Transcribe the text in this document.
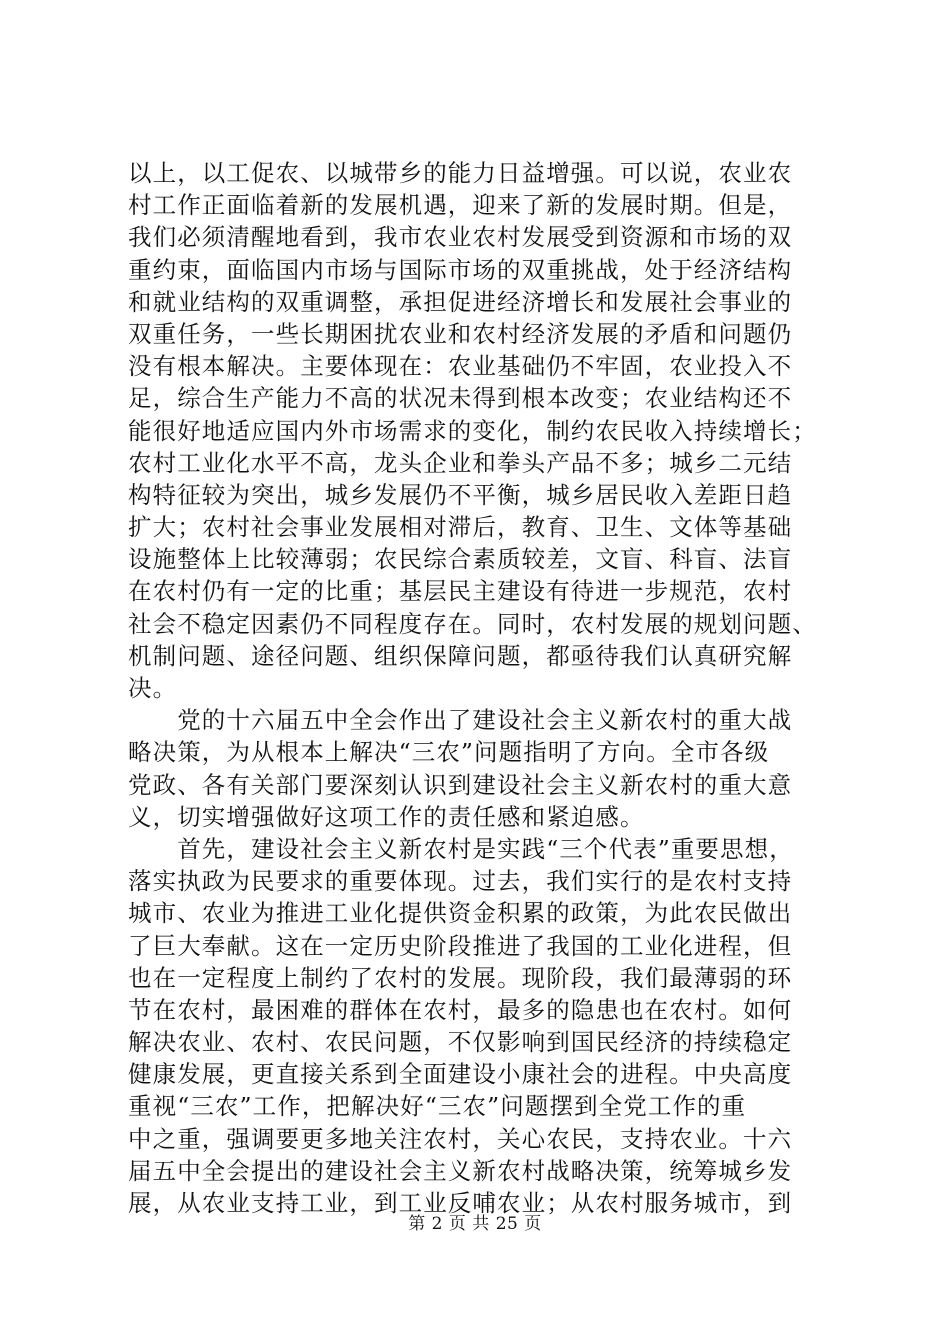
以上，以工促农、以城带乡的能力日益增强。可以说，农业农
村工作正面临着新的发展机遇，迎来了新的发展时期。但是，
我们必须清醒地看到，我市农业农村发展受到资源和市场的双
重约束，面临国内市场与国际市场的双重挑战，处于经济结构
和就业结构的双重调整，承担促进经济增长和发展社会事业的
双重任务，一些长期困扰农业和农村经济发展的矛盾和问题仍
没有根本解决。主要体现在：农业基础仍不牢固，农业投入不
足，综合生产能力不高的状况未得到根本改变；农业结构还不
能很好地适应国内外市场需求的变化，制约农民收入持续增长；
农村工业化水平不高，龙头企业和拳头产品不多；城乡二元结
构特征较为突出，城乡发展仍不平衡，城乡居民收入差距日趋
扩大；农村社会事业发展相对滞后，教育、卫生、文体等基础
设施整体上比较薄弱；农民综合素质较差，文盲、科盲、法盲
在农村仍有一定的比重；基层民主建设有待进一步规范，农村
社会不稳定因素仍不同程度存在。同时，农村发展的规划问题、
机制问题、途径问题、组织保障问题，都亟待我们认真研究解
决。
　　党的十六届五中全会作出了建设社会主义新农村的重大战
略决策，为从根本上解决“三农”问题指明了方向。全市各级
党政、各有关部门要深刻认识到建设社会主义新农村的重大意
义，切实增强做好这项工作的责任感和紧迫感。
　　首先，建设社会主义新农村是实践“三个代表”重要思想，
落实执政为民要求的重要体现。过去，我们实行的是农村支持
城市、农业为推进工业化提供资金积累的政策，为此农民做出
了巨大奉献。这在一定历史阶段推进了我国的工业化进程，但
也在一定程度上制约了农村的发展。现阶段，我们最薄弱的环
节在农村，最困难的群体在农村，最多的隐患也在农村。如何
解决农业、农村、农民问题，不仅影响到国民经济的持续稳定
健康发展，更直接关系到全面建设小康社会的进程。中央高度
重视“三农”工作，把解决好“三农”问题摆到全党工作的重
中之重，强调要更多地关注农村，关心农民，支持农业。十六
届五中全会提出的建设社会主义新农村战略决策，统筹城乡发
展，从农业支持工业，到工业反哺农业；从农村服务城市，到
第 2 页 共 25 页
